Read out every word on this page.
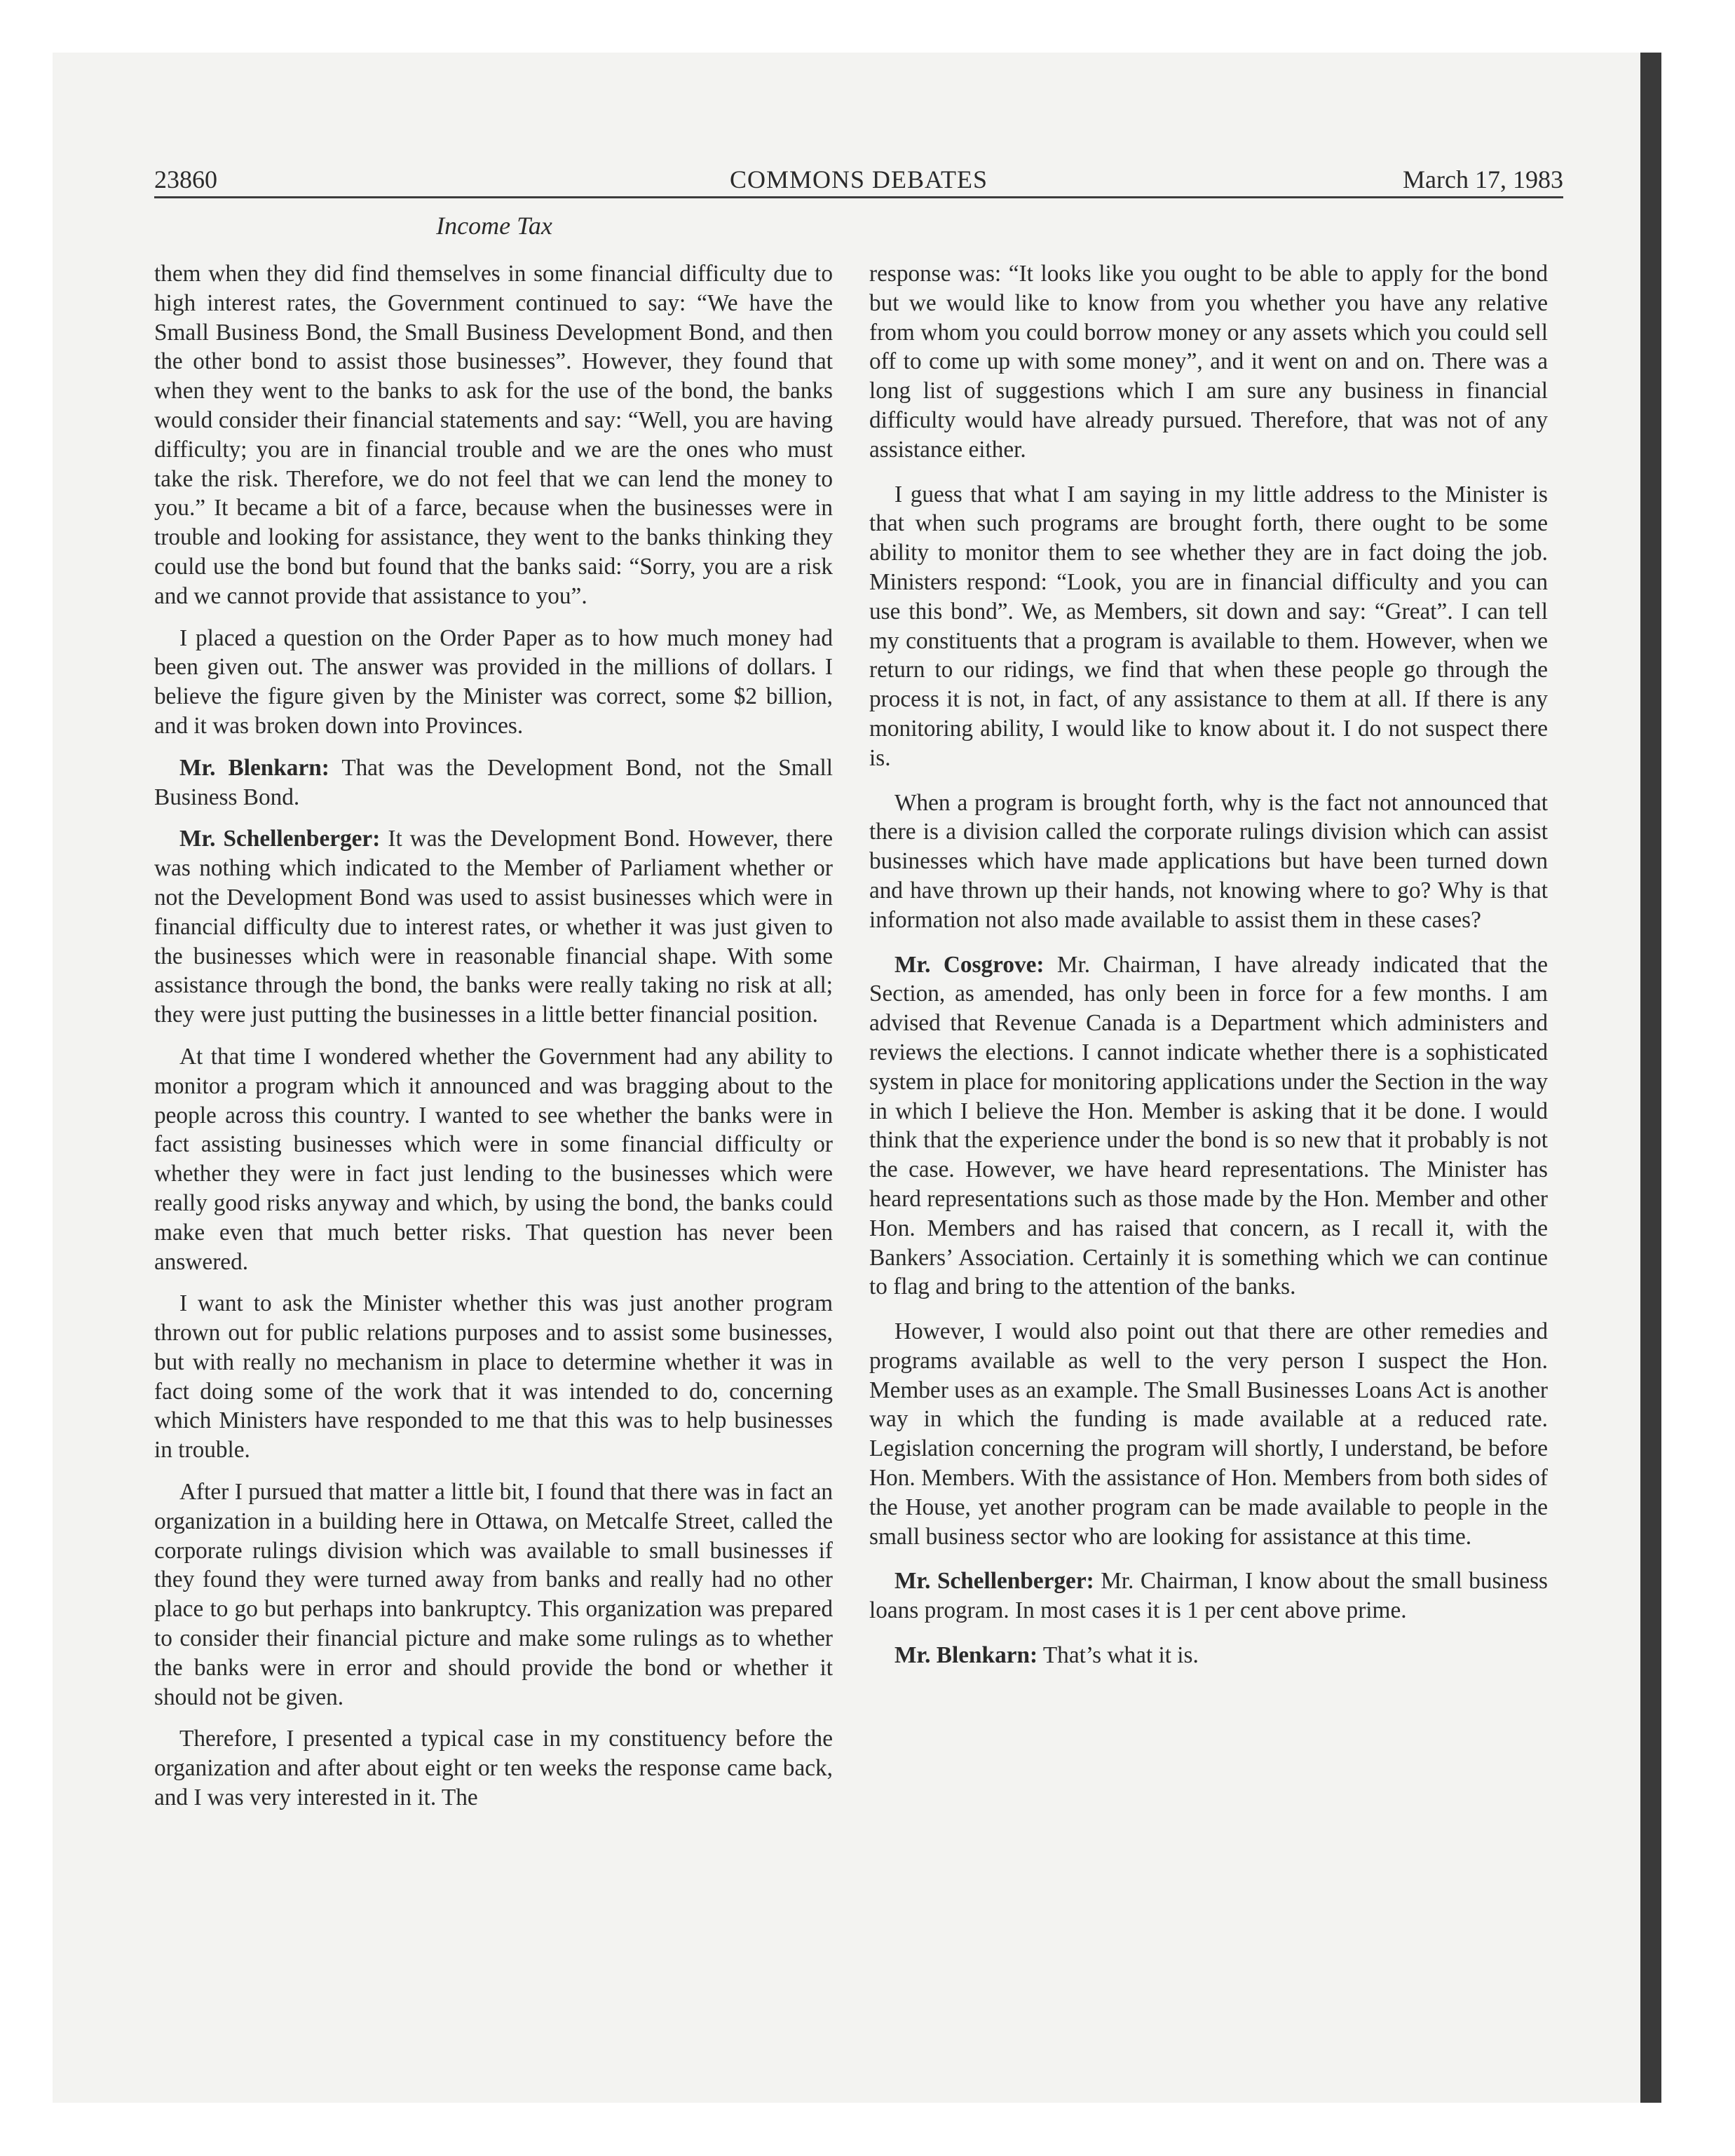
23860	COMMONS DEBATES	March 17, 1983
Income Tax

them when they did find themselves in some financial difficulty due to high interest rates, the Government continued to say: “We have the Small Business Bond, the Small Business Development Bond, and then the other bond to assist those businesses”. However, they found that when they went to the banks to ask for the use of the bond, the banks would consider their financial statements and say: “Well, you are having difficulty; you are in financial trouble and we are the ones who must take the risk. Therefore, we do not feel that we can lend the money to you.” It became a bit of a farce, because when the businesses were in trouble and looking for assistance, they went to the banks thinking they could use the bond but found that the banks said: “Sorry, you are a risk and we cannot provide that assistance to you”.

I placed a question on the Order Paper as to how much money had been given out. The answer was provided in the millions of dollars. I believe the figure given by the Minister was correct, some $2 billion, and it was broken down into Provinces.

Mr. Blenkarn: That was the Development Bond, not the Small Business Bond.

Mr. Schellenberger: It was the Development Bond. However, there was nothing which indicated to the Member of Parliament whether or not the Development Bond was used to assist businesses which were in financial difficulty due to interest rates, or whether it was just given to the businesses which were in reasonable financial shape. With some assistance through the bond, the banks were really taking no risk at all; they were just putting the businesses in a little better financial position.

At that time I wondered whether the Government had any ability to monitor a program which it announced and was bragging about to the people across this country. I wanted to see whether the banks were in fact assisting businesses which were in some financial difficulty or whether they were in fact just lending to the businesses which were really good risks anyway and which, by using the bond, the banks could make even that much better risks. That question has never been answered.

I want to ask the Minister whether this was just another program thrown out for public relations purposes and to assist some businesses, but with really no mechanism in place to determine whether it was in fact doing some of the work that it was intended to do, concerning which Ministers have responded to me that this was to help businesses in trouble.

After I pursued that matter a little bit, I found that there was in fact an organization in a building here in Ottawa, on Metcalfe Street, called the corporate rulings division which was available to small businesses if they found they were turned away from banks and really had no other place to go but perhaps into bankruptcy. This organization was prepared to consider their financial picture and make some rulings as to whether the banks were in error and should provide the bond or whether it should not be given.

Therefore, I presented a typical case in my constituency before the organization and after about eight or ten weeks the response came back, and I was very interested in it. The

response was: “It looks like you ought to be able to apply for the bond but we would like to know from you whether you have any relative from whom you could borrow money or any assets which you could sell off to come up with some money”, and it went on and on. There was a long list of suggestions which I am sure any business in financial difficulty would have already pursued. Therefore, that was not of any assistance either.

I guess that what I am saying in my little address to the Minister is that when such programs are brought forth, there ought to be some ability to monitor them to see whether they are in fact doing the job. Ministers respond: “Look, you are in financial difficulty and you can use this bond”. We, as Members, sit down and say: “Great”. I can tell my constituents that a program is available to them. However, when we return to our ridings, we find that when these people go through the process it is not, in fact, of any assistance to them at all. If there is any monitoring ability, I would like to know about it. I do not suspect there is.

When a program is brought forth, why is the fact not announced that there is a division called the corporate rulings division which can assist businesses which have made applications but have been turned down and have thrown up their hands, not knowing where to go? Why is that information not also made available to assist them in these cases?

Mr. Cosgrove: Mr. Chairman, I have already indicated that the Section, as amended, has only been in force for a few months. I am advised that Revenue Canada is a Department which administers and reviews the elections. I cannot indicate whether there is a sophisticated system in place for monitoring applications under the Section in the way in which I believe the Hon. Member is asking that it be done. I would think that the experience under the bond is so new that it probably is not the case. However, we have heard representations. The Minister has heard representations such as those made by the Hon. Member and other Hon. Members and has raised that concern, as I recall it, with the Bankers’ Association. Certainly it is something which we can continue to flag and bring to the attention of the banks.

However, I would also point out that there are other remedies and programs available as well to the very person I suspect the Hon. Member uses as an example. The Small Businesses Loans Act is another way in which the funding is made available at a reduced rate. Legislation concerning the program will shortly, I understand, be before Hon. Members. With the assistance of Hon. Members from both sides of the House, yet another program can be made available to people in the small business sector who are looking for assistance at this time.

Mr. Schellenberger: Mr. Chairman, I know about the small business loans program. In most cases it is 1 per cent above prime.

Mr. Blenkarn: That’s what it is.
